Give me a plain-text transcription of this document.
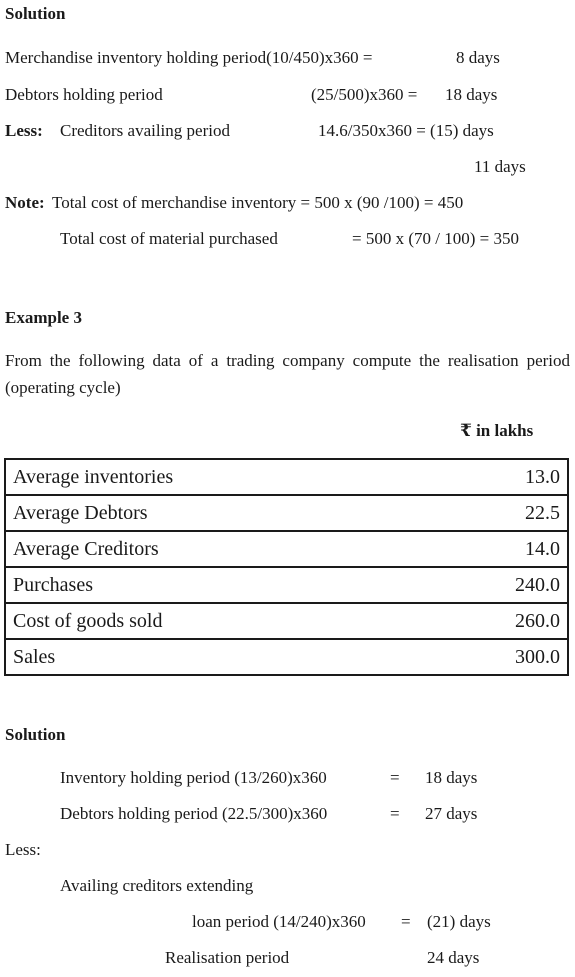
Solution
Merchandise inventory holding period(10/450)x360 =	8 days
Debtors holding period	(25/500)x360 = 18 days
Less: Creditors availing period	14.6/350x360 = (15) days
11 days
Note: Total cost of merchandise inventory = 500 x (90 /100) = 450
Total cost of material purchased	= 500 x (70 / 100) = 350
Example 3
From the following data of a trading company compute the realisation period (operating cycle)
₹ in lakhs
Average inventories	13.0
Average Debtors	22.5
Average Creditors	14.0
Purchases	240.0
Cost of goods sold	260.0
Sales	300.0
Solution
Inventory holding period (13/260)x360	= 18 days
Debtors holding period (22.5/300)x360	= 27 days
Less:
Availing creditors extending
loan period (14/240)x360 = (21) days
Realisation period	24 days
